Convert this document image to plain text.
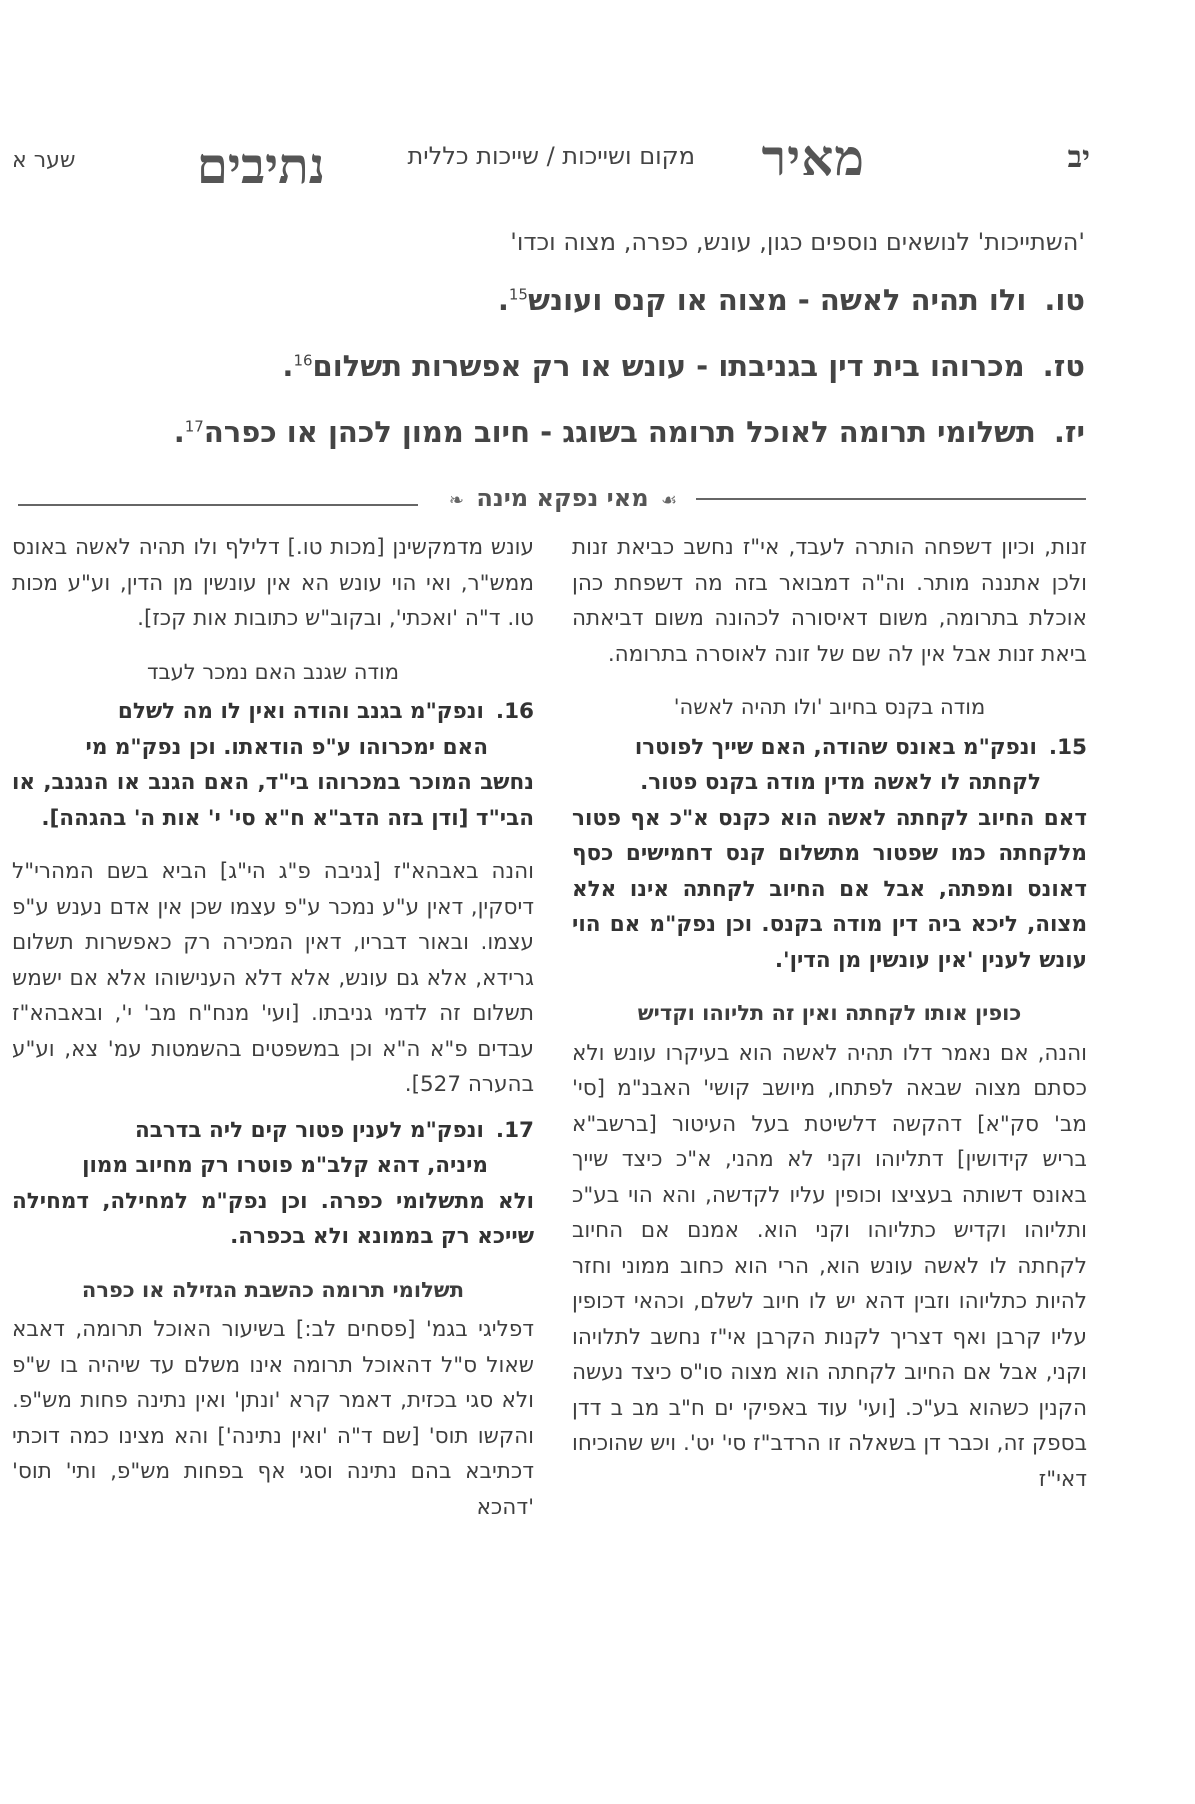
יב
מאיר
מקום ושייכות / שייכות כללית
נתיבים
שער א

'השתייכות' לנושאים נוספים כגון, עונש, כפרה, מצוה וכדו'

טו.ולו תהיה לאשה - מצוה או קנס ועונש$^{15}$.
טז.מכרוהו בית דין בגניבתו - עונש או רק אפשרות תשלום$^{16}$.
יז.תשלומי תרומה לאוכל תרומה בשוגג - חיוב ממון לכהן או כפרה$^{17}$.
☙ מאי נפקא מינה ❧

זנות, וכיון דשפחה הותרה לעבד, אי"ז נחשב כביאת זנות ולכן אתננה מותר. וה"ה דמבואר בזה מה דשפחת כהן אוכלת בתרומה, משום דאיסורה לכהונה משום דביאתה ביאת זנות אבל אין לה שם של זונה לאוסרה בתרומה.

מודה בקנס בחיוב 'ולו תהיה לאשה'

15.ונפק"מ באונס שהודה, האם שייך לפוטרו
לקחתה לו לאשה מדין מודה בקנס פטור.
דאם החיוב לקחתה לאשה הוא כקנס א"כ אף פטור מלקחתה כמו שפטור מתשלום קנס דחמישים כסף דאונס ומפתה, אבל אם החיוב לקחתה אינו אלא מצוה, ליכא ביה דין מודה בקנס. וכן נפק"מ אם הוי עונש לענין 'אין עונשין מן הדין'.

כופין אותו לקחתה ואין זה תליוהו וקדיש

והנה, אם נאמר דלו תהיה לאשה הוא בעיקרו עונש ולא כסתם מצוה שבאה לפתחו, מיושב קושי' האבנ"מ [סי' מב' סק"א] דהקשה דלשיטת בעל העיטור [ברשב"א בריש קידושין] דתליוהו וקני לא מהני, א"כ כיצד שייך באונס דשותה בעציצו וכופין עליו לקדשה, והא הוי בע"כ ותליוהו וקדיש כתליוהו וקני הוא. אמנם אם החיוב לקחתה לו לאשה עונש הוא, הרי הוא כחוב ממוני וחזר להיות כתליוהו וזבין דהא יש לו חיוב לשלם, וכהאי דכופין עליו קרבן ואף דצריך לקנות הקרבן אי"ז נחשב לתלויהו וקני, אבל אם החיוב לקחתה הוא מצוה סו"ס כיצד נעשה הקנין כשהוא בע"כ. [ועי' עוד באפיקי ים ח"ב מב ב דדן בספק זה, וכבר דן בשאלה זו הרדב"ז סי' יט'. ויש שהוכיחו דאי"ז

עונש מדמקשינן [מכות טו.] דלילף ולו תהיה לאשה באונס ממש"ר, ואי הוי עונש הא אין עונשין מן הדין, וע"ע מכות טו. ד"ה 'ואכתי', ובקוב"ש כתובות אות קכז].

מודה שגנב האם נמכר לעבד

16.ונפק"מ בגנב והודה ואין לו מה לשלם
האם ימכרוהו ע"פ הודאתו. וכן נפק"מ מי
נחשב המוכר במכרוהו בי"ד, האם הגנב או הנגנב, או הבי"ד [ודן בזה הדב"א ח"א סי' י' אות ה' בהגהה].

והנה באבהא"ז [גניבה פ"ג הי"ג] הביא בשם המהרי"ל דיסקין, דאין ע"ע נמכר ע"פ עצמו שכן אין אדם נענש ע"פ עצמו. ובאור דבריו, דאין המכירה רק כאפשרות תשלום גרידא, אלא גם עונש, אלא דלא הענישוהו אלא אם ישמש תשלום זה לדמי גניבתו. [ועי' מנח"ח מב' י', ובאבהא"ז עבדים פ"א ה"א וכן במשפטים בהשמטות עמ' צא, וע"ע בהערה 527].

17.ונפק"מ לענין פטור קים ליה בדרבה
מיניה, דהא קלב"מ פוטרו רק מחיוב ממון
ולא מתשלומי כפרה. וכן נפק"מ למחילה, דמחילה שייכא רק בממונא ולא בכפרה.

תשלומי תרומה כהשבת הגזילה או כפרה

דפליגי בגמ' [פסחים לב:] בשיעור האוכל תרומה, דאבא שאול ס"ל דהאוכל תרומה אינו משלם עד שיהיה בו ש"פ ולא סגי בכזית, דאמר קרא 'ונתן' ואין נתינה פחות מש"פ. והקשו תוס' [שם ד"ה 'ואין נתינה'] והא מצינו כמה דוכתי דכתיבא בהם נתינה וסגי אף בפחות מש"פ, ותי' תוס' 'דהכא
